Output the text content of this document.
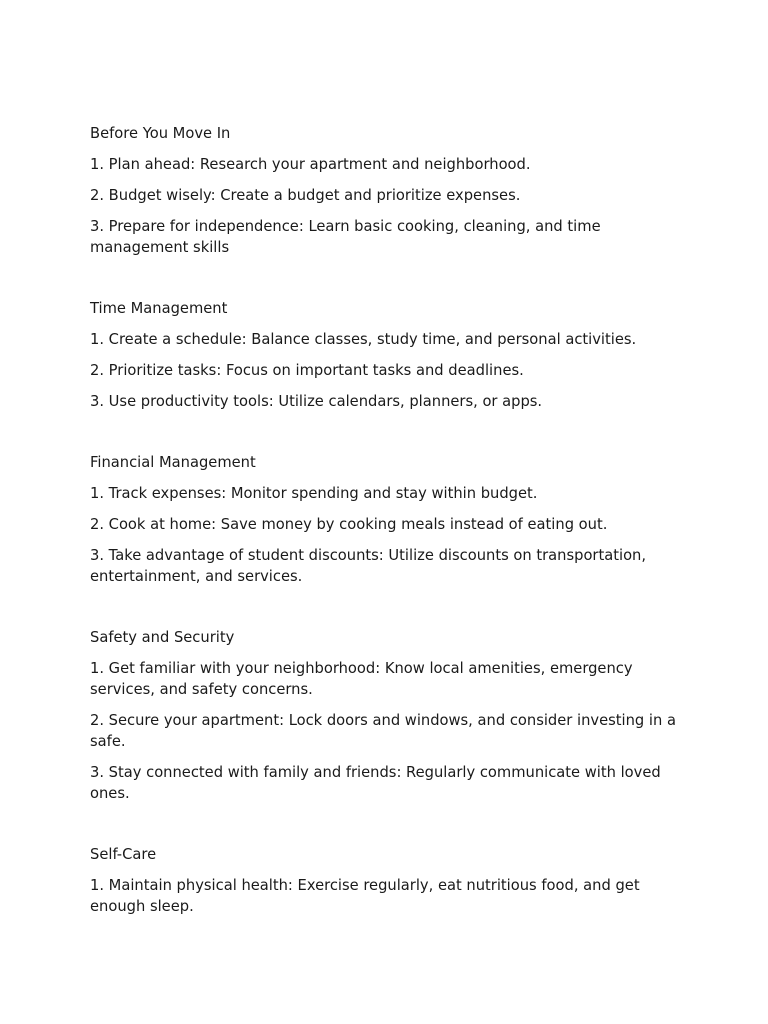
Before You Move In

1. Plan ahead: Research your apartment and neighborhood.

2. Budget wisely: Create a budget and prioritize expenses.

3. Prepare for independence: Learn basic cooking, cleaning, and time management skills

Time Management

1. Create a schedule: Balance classes, study time, and personal activities.

2. Prioritize tasks: Focus on important tasks and deadlines.

3. Use productivity tools: Utilize calendars, planners, or apps.

Financial Management

1. Track expenses: Monitor spending and stay within budget.

2. Cook at home: Save money by cooking meals instead of eating out.

3. Take advantage of student discounts: Utilize discounts on transportation, entertainment, and services.

Safety and Security

1. Get familiar with your neighborhood: Know local amenities, emergency services, and safety concerns.

2. Secure your apartment: Lock doors and windows, and consider investing in a safe.

3. Stay connected with family and friends: Regularly communicate with loved ones.

Self-Care

1. Maintain physical health: Exercise regularly, eat nutritious food, and get enough sleep.
